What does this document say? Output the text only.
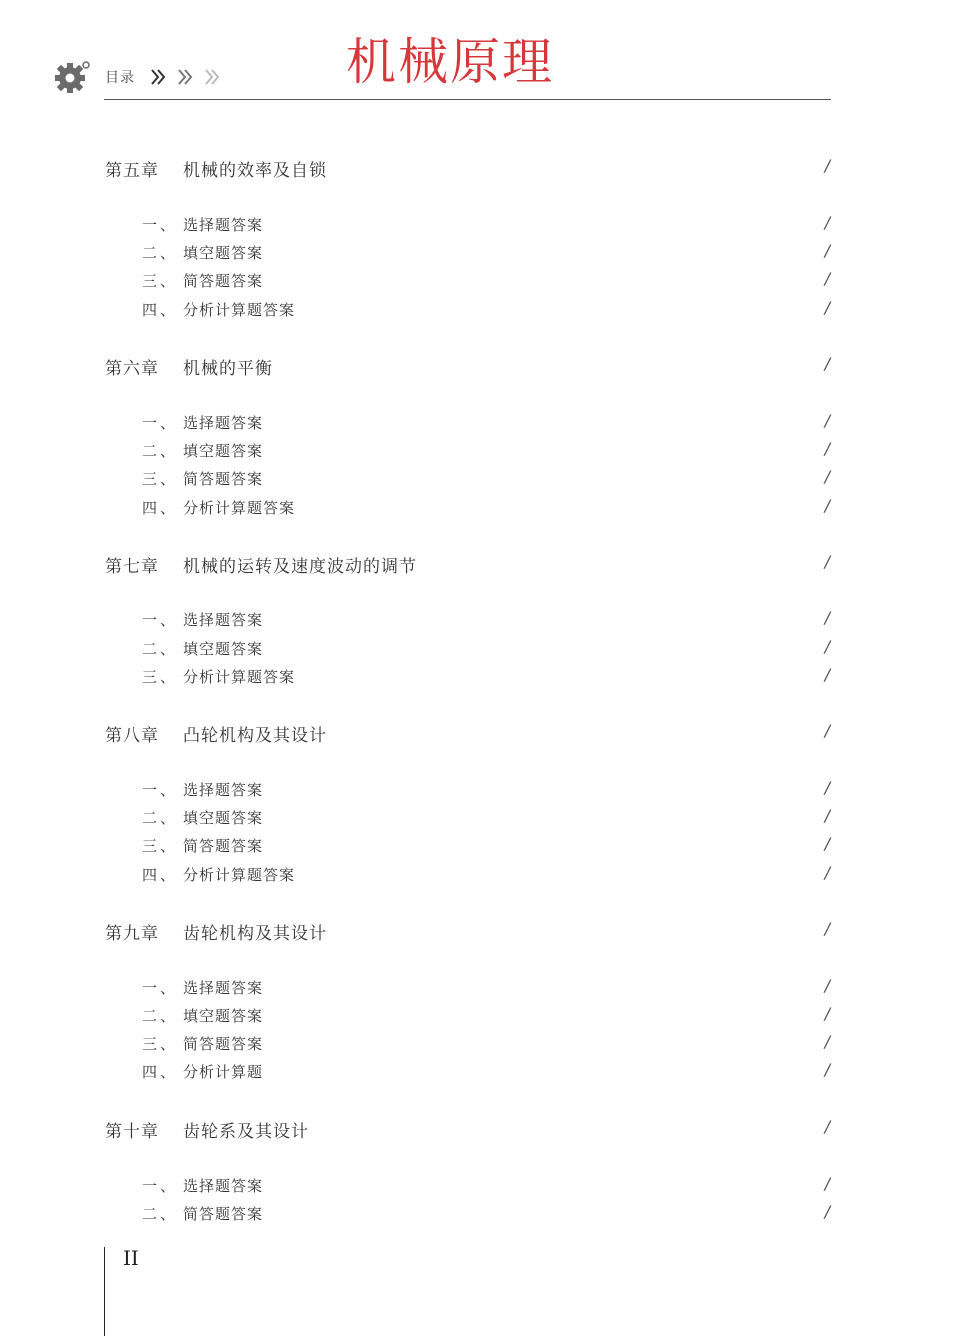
目录	机械原理
第五章 机械的效率及自锁	/
一、 选择题答案	/
二、 填空题答案	/
三、 简答题答案	/
四、 分析计算题答案	/
第六章 机械的平衡	/
一、 选择题答案	/
二、 填空题答案	/
三、 简答题答案	/
四、 分析计算题答案	/
第七章 机械的运转及速度波动的调节	/
一、 选择题答案	/
二、 填空题答案	/
三、 分析计算题答案	/
第八章 凸轮机构及其设计	/
一、 选择题答案	/
二、 填空题答案	/
三、 简答题答案	/
四、 分析计算题答案	/
第九章 齿轮机构及其设计	/
一、 选择题答案	/
二、 填空题答案	/
三、 简答题答案	/
四、 分析计算题	/
第十章 齿轮系及其设计	/
一、 选择题答案	/
二、 简答题答案	/
II
